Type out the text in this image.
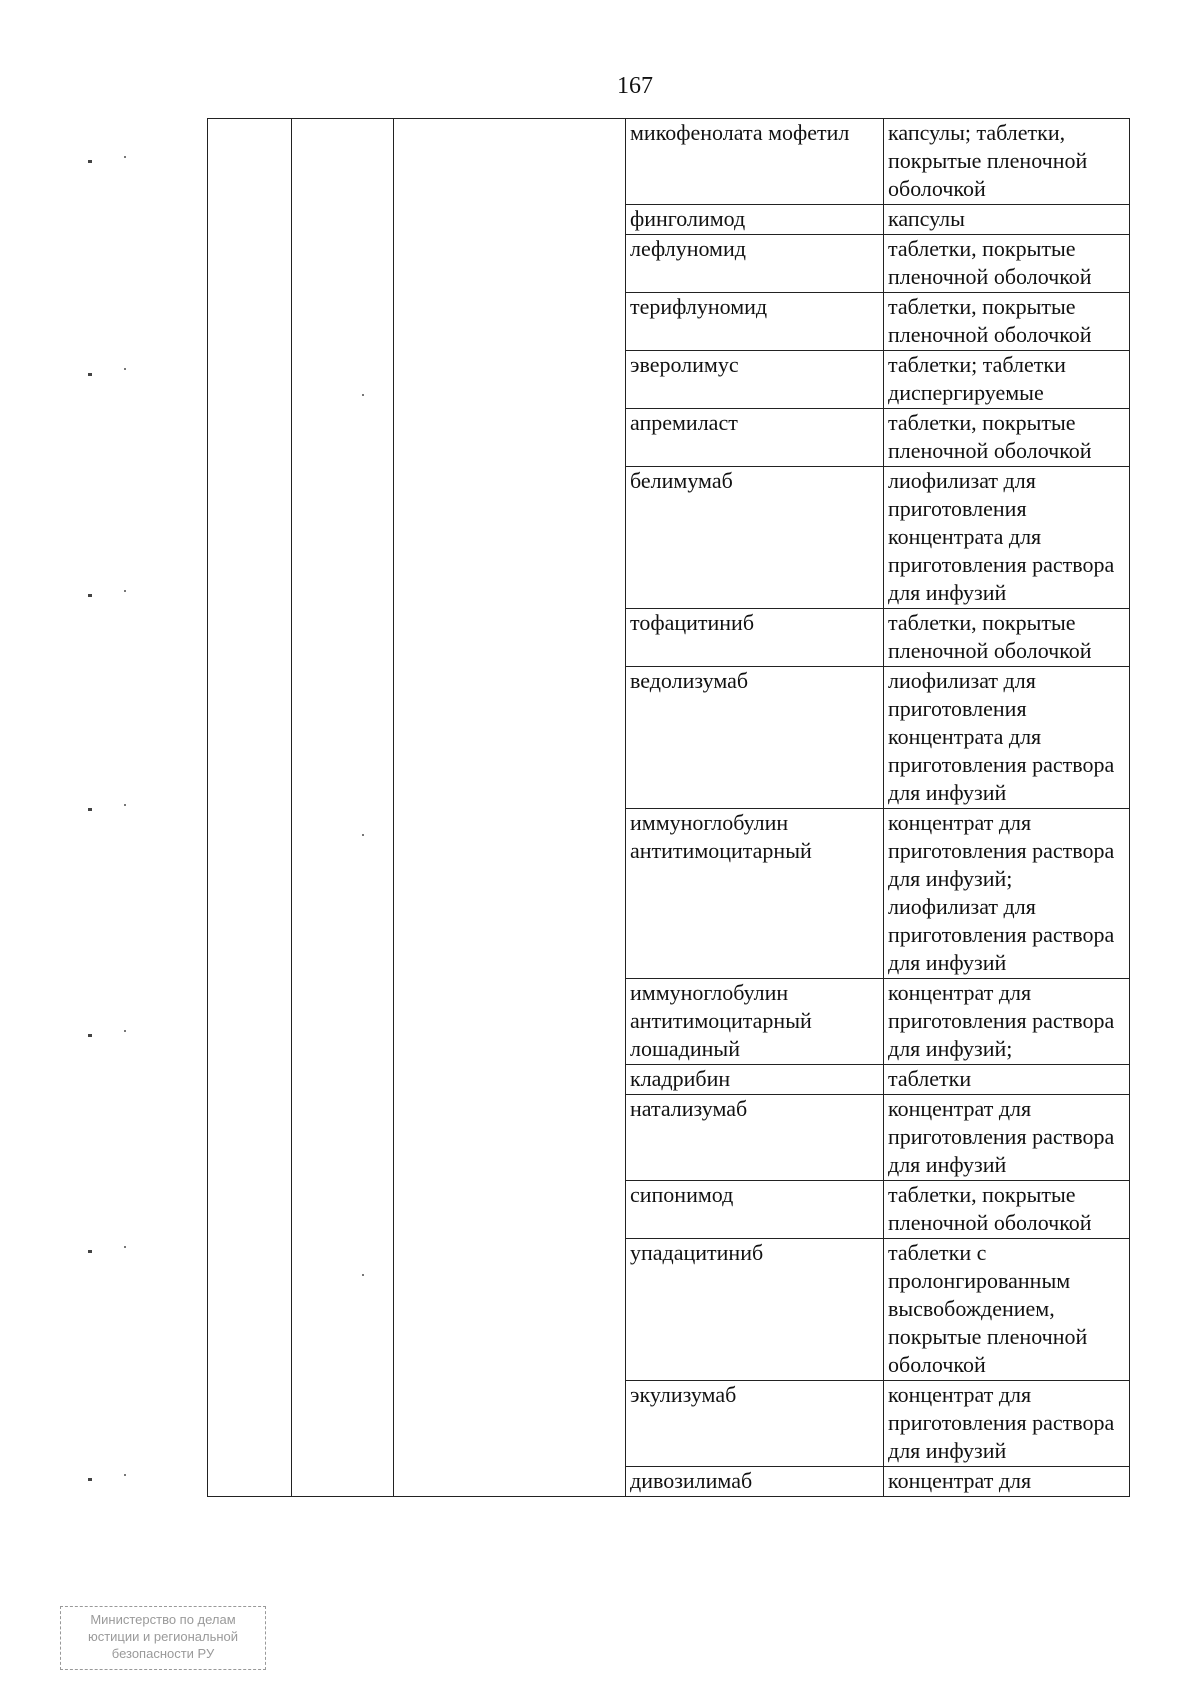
167
			микофенолата мофетил	капсулы; таблетки, покрытые пленочной оболочкой
			финголимод	капсулы
			лефлуномид	таблетки, покрытые пленочной оболочкой
			терифлуномид	таблетки, покрытые пленочной оболочкой
			эверолимус	таблетки; таблетки диспергируемые
			апремиласт	таблетки, покрытые пленочной оболочкой
			белимумаб	лиофилизат для приготовления концентрата для приготовления раствора для инфузий
			тофацитиниб	таблетки, покрытые пленочной оболочкой
			ведолизумаб	лиофилизат для приготовления концентрата для приготовления раствора для инфузий
			иммуноглобулин антитимоцитарный	концентрат для приготовления раствора для инфузий; лиофилизат для приготовления раствора для инфузий
			иммуноглобулин антитимоцитарный лошадиный	концентрат для приготовления раствора для инфузий;
			кладрибин	таблетки
			натализумаб	концентрат для приготовления раствора для инфузий
			сипонимод	таблетки, покрытые пленочной оболочкой
			упадацитиниб	таблетки с пролонгированным высвобождением, покрытые пленочной оболочкой
			экулизумаб	концентрат для приготовления раствора для инфузий
			дивозилимаб	концентрат для
Министерство по делам
юстиции и региональной
безопасности РУ
